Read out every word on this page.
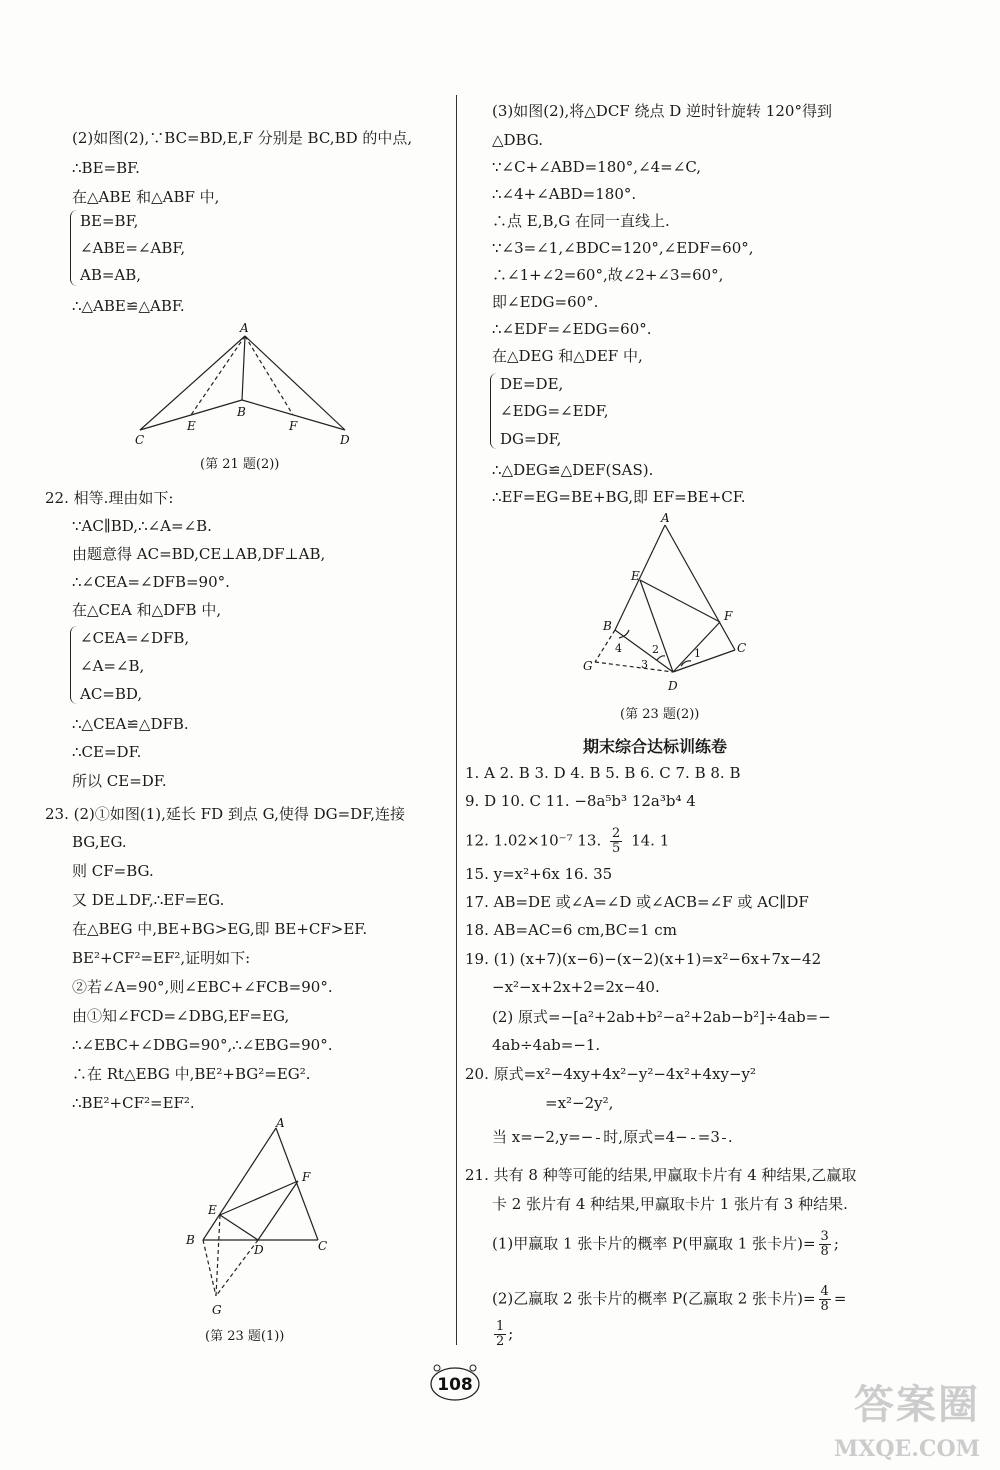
(2)如图(2),∵BC=BD,E,F 分别是 BC,BD 的中点,
∴BE=BF.
在△ABE 和△ABF 中,
BE=BF,
∠ABE=∠ABF,
AB=AB,
∴△ABE≌△ABF.
A
B
C	D
E	F
(第 21 题(2))
22. 相等.理由如下:
∵AC∥BD,∴∠A=∠B.
由题意得 AC=BD,CE⊥AB,DF⊥AB,
∴∠CEA=∠DFB=90°.
在△CEA 和△DFB 中,
∠CEA=∠DFB,
∠A=∠B,
AC=BD,
∴△CEA≌△DFB.
∴CE=DF.
所以 CE=DF.
23. (2)①如图(1),延长 FD 到点 G,使得 DG=DF,连接
BG,EG.
则 CF=BG.
又 DE⊥DF,∴EF=EG.
在△BEG 中,BE+BG>EG,即 BE+CF>EF.
BE²+CF²=EF²,证明如下:
②若∠A=90°,则∠EBC+∠FCB=90°.
由①知∠FCD=∠DBG,EF=EG,
∴∠EBC+∠DBG=90°,∴∠EBG=90°.
∴在 Rt△EBG 中,BE²+BG²=EG².
∴BE²+CF²=EF².
A
B	C
D
E
F
G
(第 23 题(1))
(3)如图(2),将△DCF 绕点 D 逆时针旋转 120°得到
△DBG.
∵∠C+∠ABD=180°,∠4=∠C,
∴∠4+∠ABD=180°.
∴点 E,B,G 在同一直线上.
∵∠3=∠1,∠BDC=120°,∠EDF=60°,
∴∠1+∠2=60°,故∠2+∠3=60°,
即∠EDG=60°.
∴∠EDF=∠EDG=60°.
在△DEG 和△DEF 中,
DE=DE,
∠EDG=∠EDF,
DG=DF,
∴△DEG≌△DEF(SAS).
∴EF=EG=BE+BG,即 EF=BE+CF.
A
B
C
D
E
F
G
1
2
3
4
(第 23 题(2))
期末综合达标训练卷
1. A 2. B 3. D 4. B 5. B 6. C 7. B 8. B
9. D 10. C 11. −8a⁵b³ 12a³b⁴ 4
12. 1.02×10⁻⁷ 13. $\frac{2}{5} 14$. 1
15. y=x²+6x 16. 35
17. AB=DE 或∠A=∠D 或∠ACB=∠F 或 AC∥DF
18. AB=AC=6 cm,BC=1 cm
19. (1) (x+7)(x−6)−(x−2)(x+1)=x²−6x+7x−42
−x²−x+2x+2=2x−40.
(2) 原式=−[a²+2ab+b²−a²+2ab−b²]÷4ab=−
4ab÷4ab=−1.
20. 原式=x²−4xy+4x²−y²−4x²+4xy−y²
=x²−2y²,
当 x=−2,y=− 时,原式=4− =3 .
21. 共有 8 种等可能的结果,甲赢取卡片有 4 种结果,乙赢取
卡 2 张片有 4 种结果,甲赢取卡片 1 张片有 3 种结果.
(1)甲赢取 1 张卡片的概率 P(甲赢取 1 张卡片)= $\frac{3}{8}$ ;
(2)乙赢取 2 张卡片的概率 P(乙赢取 2 张卡片)= $\frac{4}{8}$ =
$\frac{1}{2}$ ;
108	答案圈
MXQE.COM
